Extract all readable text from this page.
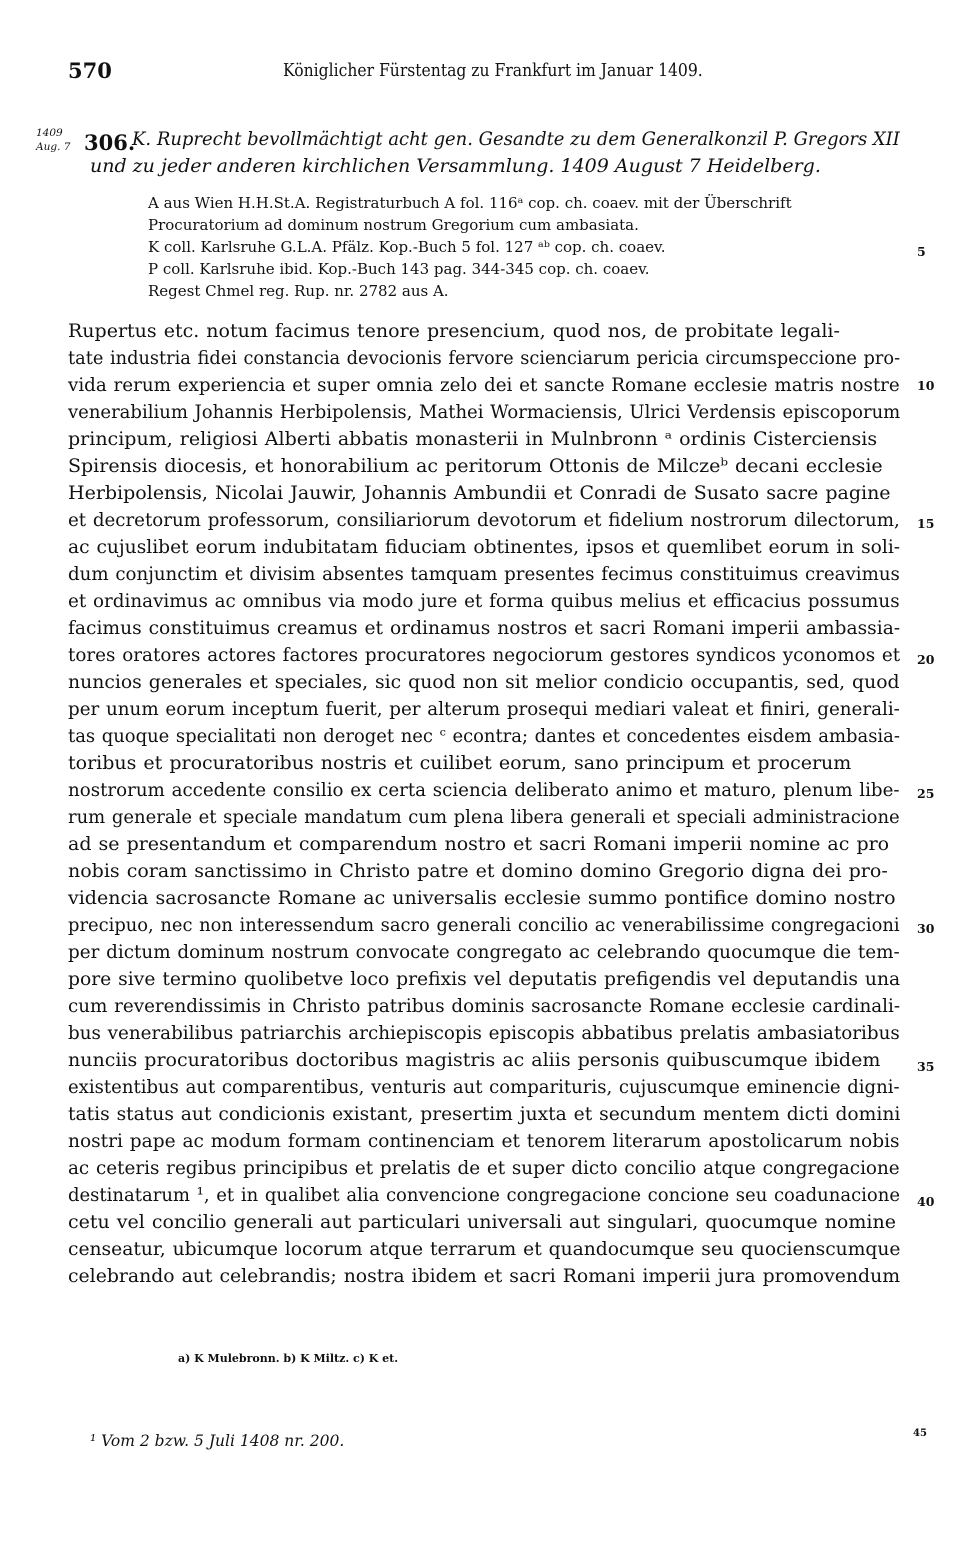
570	Königlicher Fürstentag zu Frankfurt im Januar 1409.
1409
Aug. 7 306.
K. Ruprecht bevollmächtigt acht gen. Gesandte zu dem Generalkonzil P. Gregors XII
und zu jeder anderen kirchlichen Versammlung. 1409 August 7 Heidelberg.
A aus Wien H.H.St.A. Registraturbuch A fol. 116ᵃ cop. ch. coaev. mit der Überschrift
Procuratorium ad dominum nostrum Gregorium cum ambasiata.
K coll. Karlsruhe G.L.A. Pfälz. Kop.-Buch 5 fol. 127 ᵃᵇ cop. ch. coaev.
P coll. Karlsruhe ibid. Kop.-Buch 143 pag. 344-345 cop. ch. coaev.
Regest Chmel reg. Rup. nr. 2782 aus A.
5
10
15
20
25
30
35
40
Rupertus etc. notum facimus tenore presencium, quod nos, de probitate legali-
tate industria fidei constancia devocionis fervore scienciarum pericia circumspeccione pro-
vida rerum experiencia et super omnia zelo dei et sancte Romane ecclesie matris nostre
venerabilium Johannis Herbipolensis, Mathei Wormaciensis, Ulrici Verdensis episcoporum
principum, religiosi Alberti abbatis monasterii in Mulnbronn ᵃ ordinis Cisterciensis
Spirensis diocesis, et honorabilium ac peritorum Ottonis de Milczeᵇ decani ecclesie
Herbipolensis, Nicolai Jauwir, Johannis Ambundii et Conradi de Susato sacre pagine
et decretorum professorum, consiliariorum devotorum et fidelium nostrorum dilectorum,
ac cujuslibet eorum indubitatam fiduciam obtinentes, ipsos et quemlibet eorum in soli-
dum conjunctim et divisim absentes tamquam presentes fecimus constituimus creavimus
et ordinavimus ac omnibus via modo jure et forma quibus melius et efficacius possumus
facimus constituimus creamus et ordinamus nostros et sacri Romani imperii ambassia-
tores oratores actores factores procuratores negociorum gestores syndicos yconomos et
nuncios generales et speciales, sic quod non sit melior condicio occupantis, sed, quod
per unum eorum inceptum fuerit, per alterum prosequi mediari valeat et finiri, generali-
tas quoque specialitati non deroget nec ᶜ econtra; dantes et concedentes eisdem ambasia-
toribus et procuratoribus nostris et cuilibet eorum, sano principum et procerum
nostrorum accedente consilio ex certa sciencia deliberato animo et maturo, plenum libe-
rum generale et speciale mandatum cum plena libera generali et speciali administracione
ad se presentandum et comparendum nostro et sacri Romani imperii nomine ac pro
nobis coram sanctissimo in Christo patre et domino domino Gregorio digna dei pro-
videncia sacrosancte Romane ac universalis ecclesie summo pontifice domino nostro
precipuo, nec non interessendum sacro generali concilio ac venerabilissime congregacioni
per dictum dominum nostrum convocate congregato ac celebrando quocumque die tem-
pore sive termino quolibetve loco prefixis vel deputatis prefigendis vel deputandis una
cum reverendissimis in Christo patribus dominis sacrosancte Romane ecclesie cardinali-
bus venerabilibus patriarchis archiepiscopis episcopis abbatibus prelatis ambasiatoribus
nunciis procuratoribus doctoribus magistris ac aliis personis quibuscumque ibidem
existentibus aut comparentibus, venturis aut comparituris, cujuscumque eminencie digni-
tatis status aut condicionis existant, presertim juxta et secundum mentem dicti domini
nostri pape ac modum formam continenciam et tenorem literarum apostolicarum nobis
ac ceteris regibus principibus et prelatis de et super dicto concilio atque congregacione
destinatarum ¹, et in qualibet alia convencione congregacione concione seu coadunacione
cetu vel concilio generali aut particulari universali aut singulari, quocumque nomine
censeatur, ubicumque locorum atque terrarum et quandocumque seu quocienscumque
celebrando aut celebrandis; nostra ibidem et sacri Romani imperii jura promovendum
a) K Mulebronn. b) K Miltz. c) K et.
¹ Vom 2 bzw. 5 Juli 1408 nr. 200.	45
